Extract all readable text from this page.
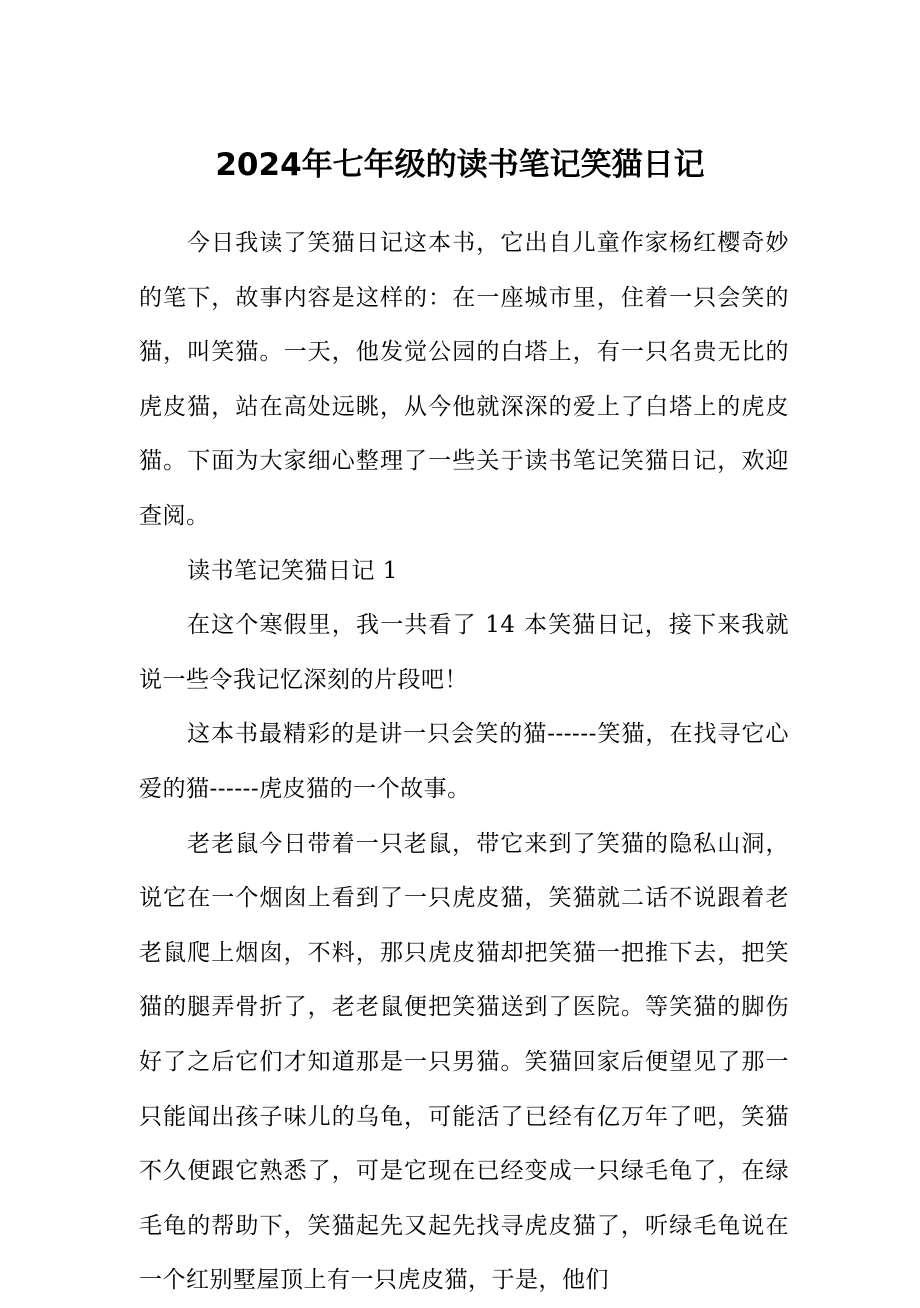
2024年七年级的读书笔记笑猫日记

今日我读了笑猫日记这本书，它出自儿童作家杨红樱奇妙的笔下，故事内容是这样的：在一座城市里，住着一只会笑的猫，叫笑猫。一天，他发觉公园的白塔上，有一只名贵无比的虎皮猫，站在高处远眺，从今他就深深的爱上了白塔上的虎皮猫。下面为大家细心整理了一些关于读书笔记笑猫日记，欢迎查阅。

读书笔记笑猫日记 1

在这个寒假里，我一共看了 14 本笑猫日记，接下来我就说一些令我记忆深刻的片段吧！

这本书最精彩的是讲一只会笑的猫------笑猫，在找寻它心爱的猫------虎皮猫的一个故事。

老老鼠今日带着一只老鼠，带它来到了笑猫的隐私山洞，说它在一个烟囱上看到了一只虎皮猫，笑猫就二话不说跟着老老鼠爬上烟囱，不料，那只虎皮猫却把笑猫一把推下去，把笑猫的腿弄骨折了，老老鼠便把笑猫送到了医院。等笑猫的脚伤好了之后它们才知道那是一只男猫。笑猫回家后便望见了那一只能闻出孩子味儿的乌龟，可能活了已经有亿万年了吧，笑猫不久便跟它熟悉了，可是它现在已经变成一只绿毛龟了，在绿毛龟的帮助下，笑猫起先又起先找寻虎皮猫了，听绿毛龟说在一个红别墅屋顶上有一只虎皮猫，于是，他们
